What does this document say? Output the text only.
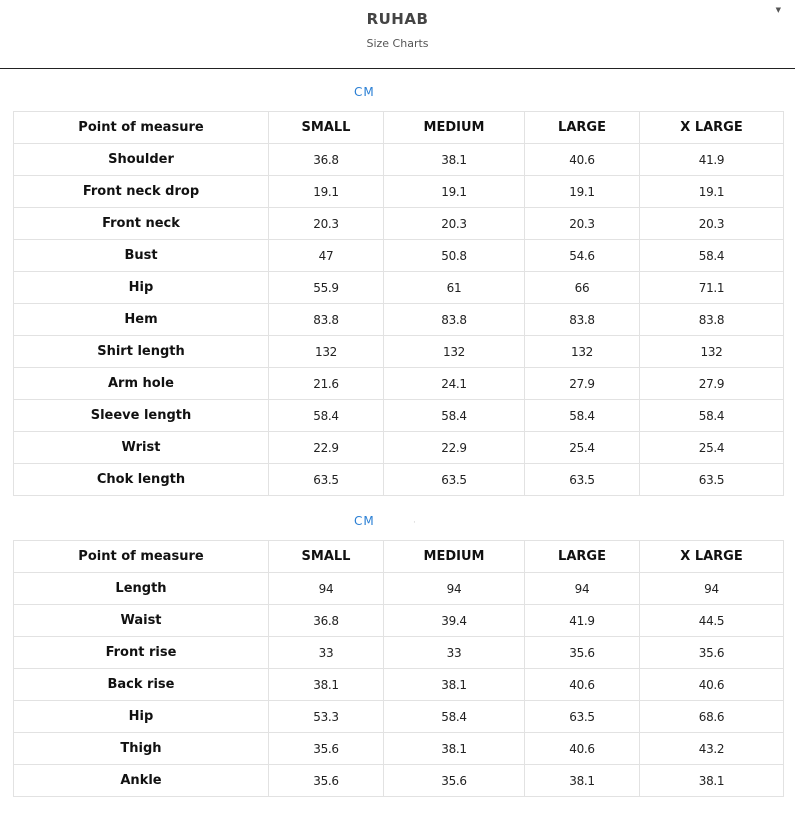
RUHAB
Size Charts
▼
CM
Point of measure	SMALL	MEDIUM	LARGE	X LARGE
Shoulder	36.8	38.1	40.6	41.9
Front neck drop	19.1	19.1	19.1	19.1
Front neck	20.3	20.3	20.3	20.3
Bust	47	50.8	54.6	58.4
Hip	55.9	61	66	71.1
Hem	83.8	83.8	83.8	83.8
Shirt length	132	132	132	132
Arm hole	21.6	24.1	27.9	27.9
Sleeve length	58.4	58.4	58.4	58.4
Wrist	22.9	22.9	25.4	25.4
Chok length	63.5	63.5	63.5	63.5
CM	·
Point of measure	SMALL	MEDIUM	LARGE	X LARGE
Length	94	94	94	94
Waist	36.8	39.4	41.9	44.5
Front rise	33	33	35.6	35.6
Back rise	38.1	38.1	40.6	40.6
Hip	53.3	58.4	63.5	68.6
Thigh	35.6	38.1	40.6	43.2
Ankle	35.6	35.6	38.1	38.1
